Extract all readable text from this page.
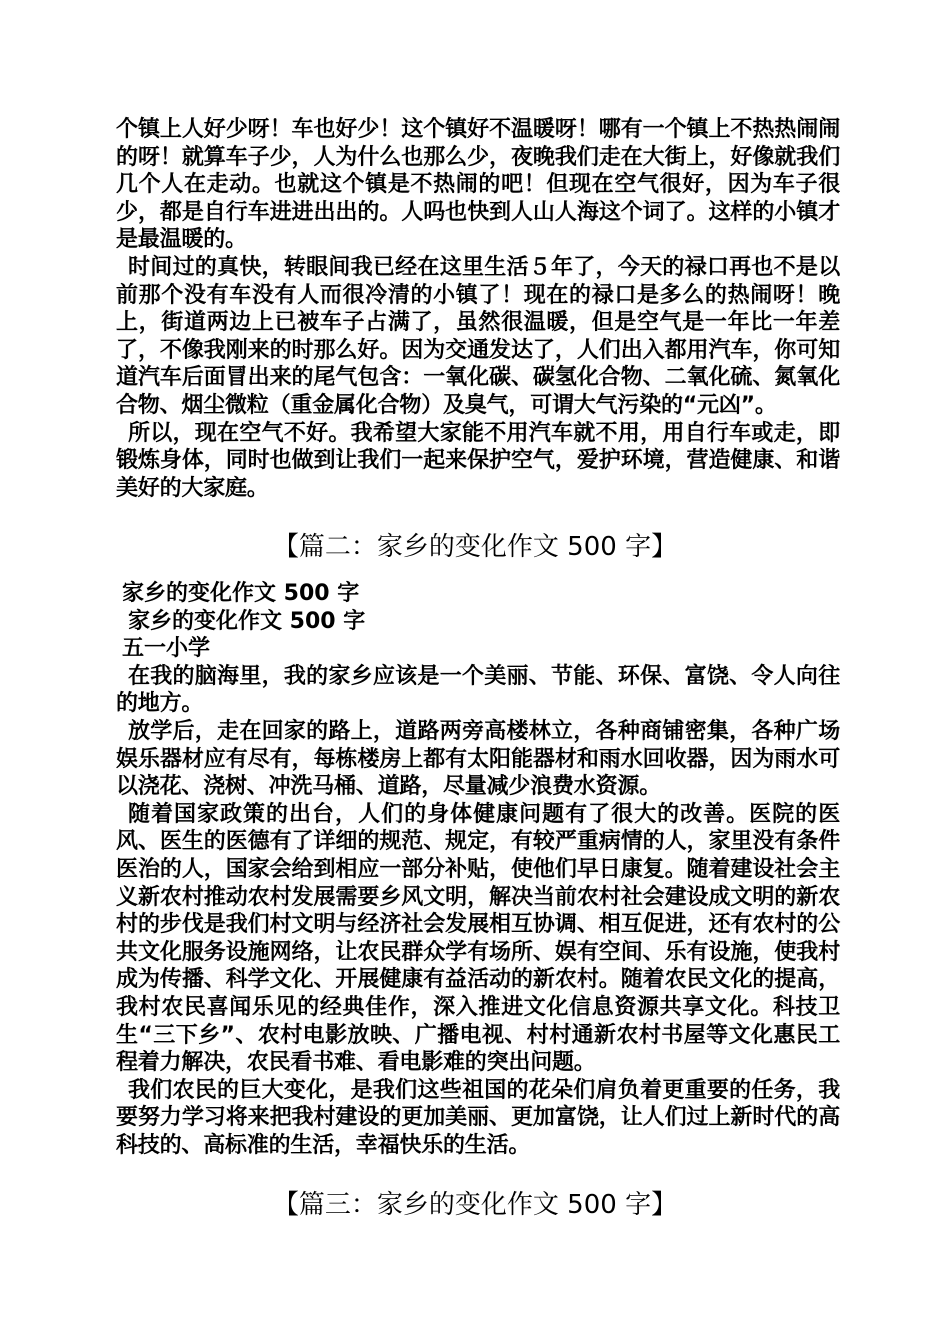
个镇上人好少呀！车也好少！这个镇好不温暖呀！哪有一个镇上不热热闹闹的呀！就算车子少，人为什么也那么少，夜晚我们走在大街上，好像就我们几个人在走动。也就这个镇是不热闹的吧！但现在空气很好，因为车子很少，都是自行车进进出出的。人吗也快到人山人海这个词了。这样的小镇才是最温暖的。

时间过的真快，转眼间我已经在这里生活５年了，今天的禄口再也不是以前那个没有车没有人而很冷清的小镇了！现在的禄口是多么的热闹呀！晚上，街道两边上已被车子占满了，虽然很温暖，但是空气是一年比一年差了，不像我刚来的时那么好。因为交通发达了，人们出入都用汽车，你可知道汽车后面冒出来的尾气包含：一氧化碳、碳氢化合物、二氧化硫、氮氧化合物、烟尘微粒（重金属化合物）及臭气，可谓大气污染的“元凶”。

所以，现在空气不好。我希望大家能不用汽车就不用，用自行车或走，即锻炼身体，同时也做到让我们一起来保护空气，爱护环境，营造健康、和谐美好的大家庭。

【篇二：家乡的变化作文 500 字】

家乡的变化作文 500 字

家乡的变化作文 500 字

五一小学

在我的脑海里，我的家乡应该是一个美丽、节能、环保、富饶、令人向往的地方。

放学后，走在回家的路上，道路两旁高楼林立，各种商铺密集，各种广场娱乐器材应有尽有，每栋楼房上都有太阳能器材和雨水回收器，因为雨水可以浇花、浇树、冲洗马桶、道路，尽量减少浪费水资源。

随着国家政策的出台，人们的身体健康问题有了很大的改善。医院的医风、医生的医德有了详细的规范、规定，有较严重病情的人，家里没有条件医治的人，国家会给到相应一部分补贴，使他们早日康复。随着建设社会主义新农村推动农村发展需要乡风文明，解决当前农村社会建设成文明的新农村的步伐是我们村文明与经济社会发展相互协调、相互促进，还有农村的公共文化服务设施网络，让农民群众学有场所、娱有空间、乐有设施，使我村成为传播、科学文化、开展健康有益活动的新农村。随着农民文化的提高，我村农民喜闻乐见的经典佳作，深入推进文化信息资源共享文化。科技卫生“三下乡”、农村电影放映、广播电视、村村通新农村书屋等文化惠民工程着力解决，农民看书难、看电影难的突出问题。

我们农民的巨大变化，是我们这些祖国的花朵们肩负着更重要的任务，我要努力学习将来把我村建设的更加美丽、更加富饶，让人们过上新时代的高科技的、高标准的生活，幸福快乐的生活。

【篇三：家乡的变化作文 500 字】
